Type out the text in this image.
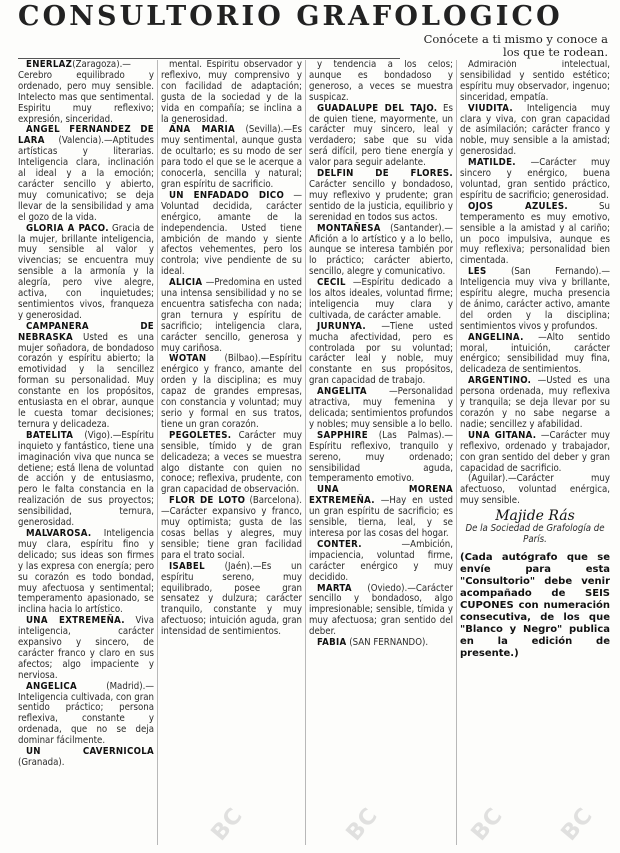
CONSULTORIO GRAFOLOGICO
Conócete a ti mismo y conoce a los que te rodean.

EÑERLAZ(Zaragoza).—Cerebro equilibrado y ordenado, pero muy sensible. Intelecto mas que sentimental. Espiritu muy reflexivo; expresión, sinceridad.

ANGEL FERNANDEZ DE LARA (Valencia).—Aptitudes artísticas y literarias. Inteligencia clara, inclinación al ideal y a la emoción; carácter sencillo y abierto, muy comunicativo; se deja llevar de la sensibilidad y ama el gozo de la vida.

GLORIA A PACO. Gracia de la mujer, brillante inteligencia, muy sensible al valor y vivencias; se encuentra muy sensible a la armonía y la alegría, pero vive alegre, activa, con inquietudes; sentimientos vivos, franqueza y generosidad.

CAMPANERA DE NEBRASKA Usted es una mujer soñadora, de bondadoso corazón y espíritu abierto; la emotividad y la sencillez forman su personalidad. Muy constante en los propósitos, entusiasta en el obrar, aunque le cuesta tomar decisiones; ternura y delicadeza.

BATELITA (Vigo).—Espíritu inquieto y fantástico, tiene una imaginación viva que nunca se detiene; está llena de voluntad de acción y de entusiasmo, pero le falta constancia en la realización de sus proyectos; sensibilidad, ternura, generosidad.

MALVAROSA. Inteligencia muy clara, espíritu fino y delicado; sus ideas son firmes y las expresa con energía; pero su corazón es todo bondad, muy afectuosa y sentimental; temperamento apasionado, se inclina hacia lo artístico.

UNA EXTREMEÑA. Viva inteligencia, carácter expansivo y sincero, de carácter franco y claro en sus afectos; algo impaciente y nerviosa.

ANGELICA	(Madrid).—Inteligencia cultivada, con gran sentido práctico; persona reflexiva, constante y ordenada, que no se deja dominar fácilmente.

UN CAVERNICOLA (Granada).

mental. Espíritu observador y reflexivo, muy comprensivo y con facilidad de adaptación; gusta de la sociedad y de la vida en compañía; se inclina a la generosidad.

ANA MARIA (Sevilla).—Es muy sentimental, aunque gusta de ocultarlo; es su modo de ser para todo el que se le acerque a conocerla, sencilla y natural; gran espíritu de sacrificio.

UN ENFADADO DICO —Voluntad decidida, carácter enérgico, amante de la independencia. Usted tiene ambición de mando y siente afectos vehementes, pero los controla; vive pendiente de su ideal.

ALICIA —Predomina en usted una intensa sensibilidad y no se encuentra satisfecha con nada; gran ternura y espíritu de sacrificio; inteligencia clara, carácter sencillo, generosa y muy cariñosa.

WOTAN (Bilbao).—Espíritu enérgico y franco, amante del orden y la disciplina; es muy capaz de grandes empresas, con constancia y voluntad; muy serio y formal en sus tratos, tiene un gran corazón.

PEGOLETES. Carácter muy sensible, tímido y de gran delicadeza; a veces se muestra algo distante con quien no conoce; reflexiva, prudente, con gran capacidad de observación.

FLOR DE LOTO (Barcelona).—Carácter expansivo y franco, muy optimista; gusta de las cosas bellas y alegres, muy sensible; tiene gran facilidad para el trato social.

ISABEL (Jaén).—Es un espíritu sereno, muy equilibrado, posee gran sensatez y dulzura; carácter tranquilo, constante y muy afectuoso; intuición aguda, gran intensidad de sentimientos.

y tendencia a los celos; aunque es bondadoso y generoso, a veces se muestra suspicaz.

GUADALUPE DEL TAJO. Es de quien tiene, mayormente, un carácter muy sincero, leal y verdadero; sabe que su vida será difícil, pero tiene energía y valor para seguir adelante.

DELFIN DE FLORES. Carácter sencillo y bondadoso, muy reflexivo y prudente; gran sentido de la justicia, equilibrio y serenidad en todos sus actos.

MONTAÑESA (Santander).—Afición a lo artístico y a lo bello, aunque se interesa también por lo práctico; carácter abierto, sencillo, alegre y comunicativo.

CECIL —Espíritu dedicado a los altos ideales, voluntad firme; inteligencia muy clara y cultivada, de carácter amable.

JURUNYA. —Tiene usted mucha afectividad, pero es controlada por su voluntad; carácter leal y noble, muy constante en sus propósitos, gran capacidad de trabajo.

ANGELITA —Personalidad atractiva, muy femenina y delicada; sentimientos profundos y nobles; muy sensible a lo bello.

SAPPHIRE (Las Palmas).—Espíritu reflexivo, tranquilo y sereno, muy ordenado; sensibilidad aguda, temperamento emotivo.

UNA MORENA EXTREMEÑA. —Hay en usted un gran espíritu de sacrificio; es sensible, tierna, leal, y se interesa por las cosas del hogar.

CONTER.	—Ambición, impaciencia, voluntad firme, carácter enérgico y muy decidido.

MARTA (Oviedo).—Carácter sencillo y bondadoso, algo impresionable; sensible, tímida y muy afectuosa; gran sentido del deber.

FABIA (SAN FERNANDO).

Admiración intelectual, sensibilidad y sentido estético; espíritu muy observador, ingenuo; sinceridad, empatía.

VIUDITA. Inteligencia muy clara y viva, con gran capacidad de asimilación; carácter franco y noble, muy sensible a la amistad; generosidad.

MATILDE. —Carácter muy sincero y enérgico, buena voluntad, gran sentido práctico, espíritu de sacrificio; generosidad.

OJOS AZULES.	Su temperamento es muy emotivo, sensible a la amistad y al cariño; un poco impulsiva, aunque es muy reflexiva; personalidad bien cimentada.

LES	(San Fernando).—Inteligencia muy viva y brillante, espíritu alegre, mucha presencia de ánimo, carácter activo, amante del orden y la disciplina; sentimientos vivos y profundos.

ANGELINA. —Alto sentido moral, intuición, carácter enérgico; sensibilidad muy fina, delicadeza de sentimientos.

ARGENTINO. —Usted es una persona ordenada, muy reflexiva y tranquila; se deja llevar por su corazón y no sabe negarse a nadie; sencillez y afabilidad.

UNA GITANA. —Carácter muy reflexivo, ordenado y trabajador, con gran sentido del deber y gran capacidad de sacrificio.

(Aguilar).—Carácter muy afectuoso, voluntad enérgica, muy sensible.

Majide Rás
De la Sociedad de Grafología de París.
(Cada autógrafo que se envíe para esta "Consultorio" debe venir acompañado de SEIS CUPONES con numeración consecutiva, de los que "Blanco y Negro" publica en la edición de presente.)
BC	BC	BC BC
